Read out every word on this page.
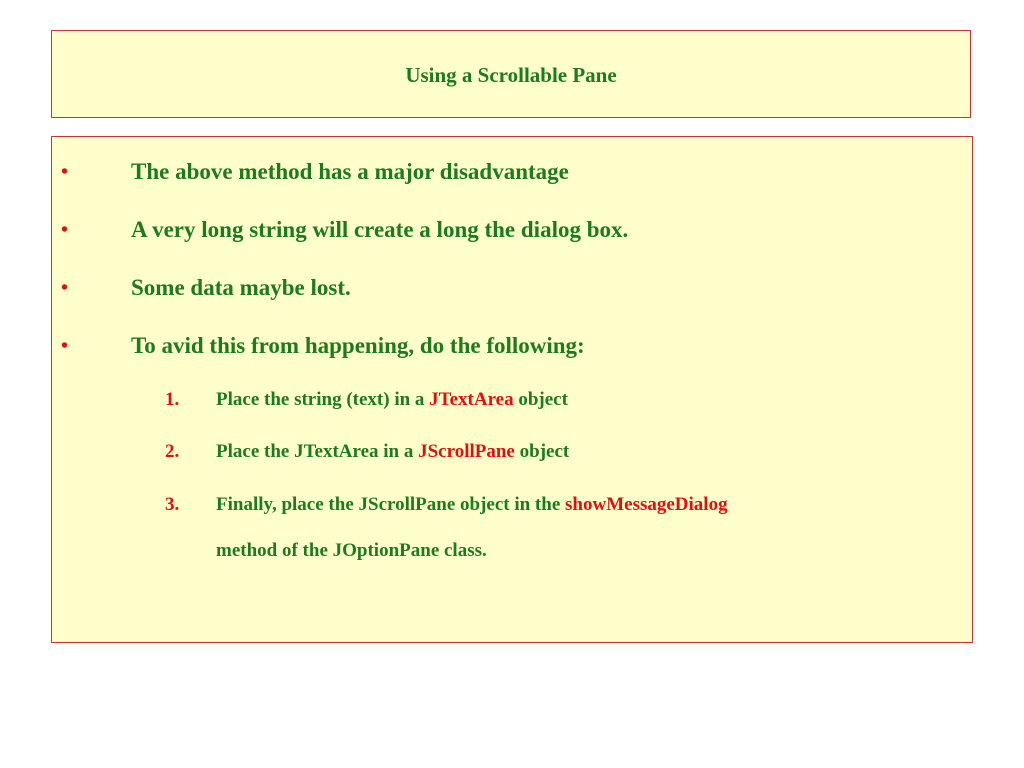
Using a Scrollable Pane
•	The above method has a major disadvantage
•	A very long string will create a long the dialog box.
•	Some data maybe lost.
•	To avid this from happening, do the following:
1. Place the string (text) in a JTextArea object
2. Place the JTextArea in a JScrollPane object
3. Finally, place the JScrollPane object in the showMessageDialog
method of the JOptionPane class.
